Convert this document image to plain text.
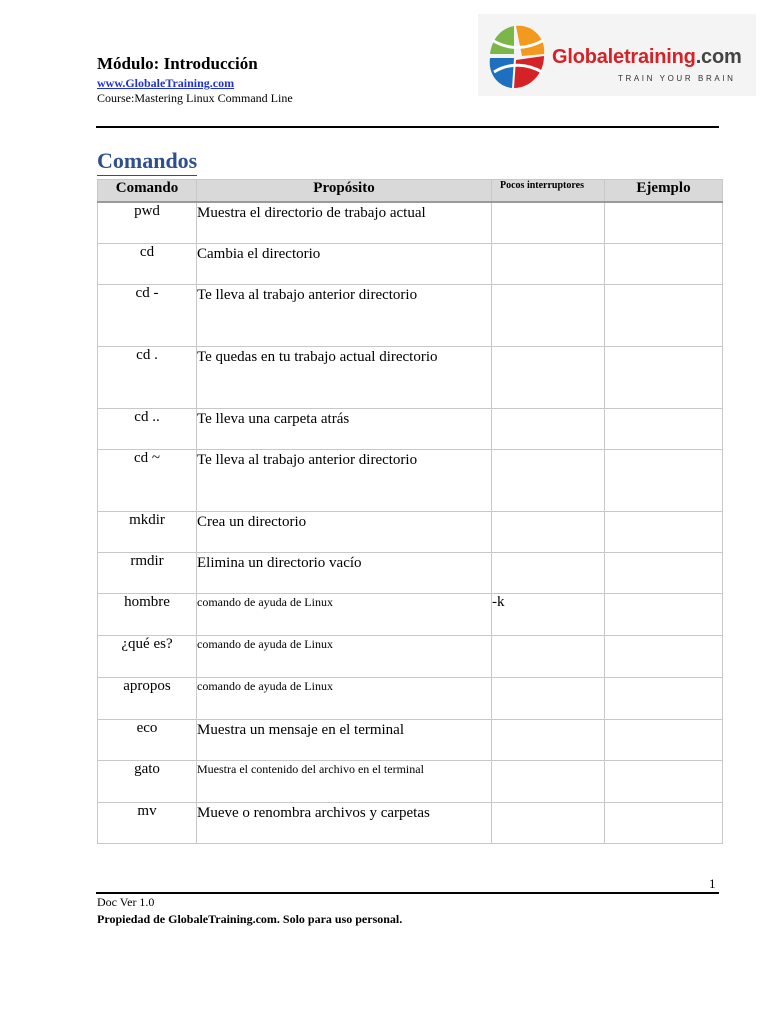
Módulo: Introducción

www.GlobaleTraining.com
Course:Mastering Linux Command Line
Globaletraining.com
TRAIN YOUR BRAIN
Comandos
Comando	Propósito	Pocos interruptores	Ejemplo
pwd	Muestra el directorio de trabajo actual		
cd	Cambia el directorio		
cd -	Te lleva al trabajo anterior directorio		
cd .	Te quedas en tu trabajo actual directorio		
cd ..	Te lleva una carpeta atrás		
cd ~	Te lleva al trabajo anterior directorio		
mkdir	Crea un directorio		
rmdir	Elimina un directorio vacío		
hombre	comando de ayuda de Linux	-k	
¿qué es?	comando de ayuda de Linux		
apropos	comando de ayuda de Linux		
eco	Muestra un mensaje en el terminal		
gato	Muestra el contenido del archivo en el terminal		
mv	Mueve o renombra archivos y carpetas		
1
Doc Ver 1.0
Propiedad de GlobaleTraining.com. Solo para uso personal.
